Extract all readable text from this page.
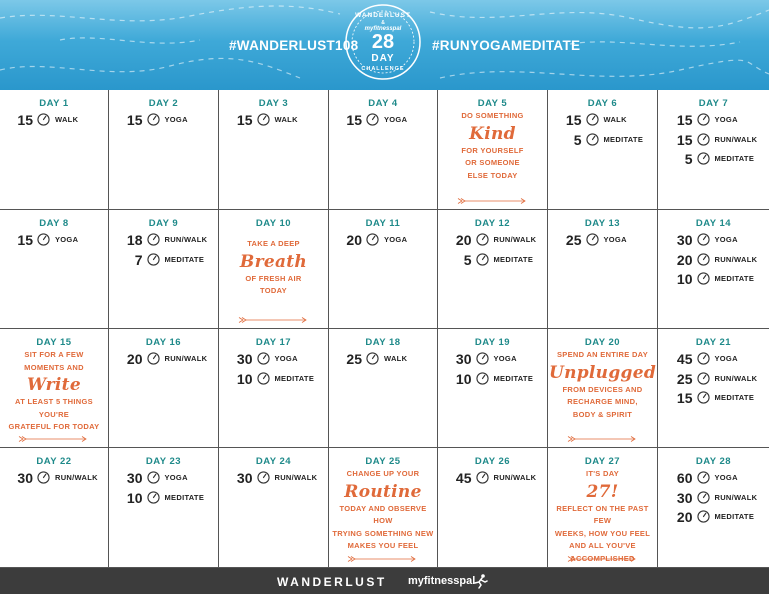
#WANDERLUST108	#RUNYOGAMEDITATE
WANDERLUST
&
myfitnesspal
28
DAY
CHALLENGE
DAY 1
15	WALK
DAY 2
15	YOGA
DAY 3
15	WALK
DAY 4
15	YOGA
DAY 5
DO SOMETHING
Kind
FOR YOURSELF
OR SOMEONE
ELSE TODAY
DAY 6
15	WALK
5	MEDITATE
DAY 7
15	YOGA
15	RUN/WALK
5	MEDITATE
DAY 8
15	YOGA
DAY 9
18	RUN/WALK
7	MEDITATE
DAY 10
TAKE A DEEP
Breath
OF FRESH AIR
TODAY
DAY 11
20	YOGA
DAY 12
20	RUN/WALK
5	MEDITATE
DAY 13
25	YOGA
DAY 14
30	YOGA
20	RUN/WALK
10	MEDITATE
DAY 15
SIT FOR A FEW
MOMENTS AND
Write
AT LEAST 5 THINGS YOU'RE
GRATEFUL FOR TODAY
DAY 16
20	RUN/WALK
DAY 17
30	YOGA
10	MEDITATE
DAY 18
25	WALK
DAY 19
30	YOGA
10	MEDITATE
DAY 20
SPEND AN ENTIRE DAY
Unplugged
FROM DEVICES AND
RECHARGE MIND,
BODY & SPIRIT
DAY 21
45	YOGA
25	RUN/WALK
15	MEDITATE
DAY 22
30	RUN/WALK
DAY 23
30	YOGA
10	MEDITATE
DAY 24
30	RUN/WALK
DAY 25
CHANGE UP YOUR
Routine
TODAY AND OBSERVE HOW
TRYING SOMETHING NEW
MAKES YOU FEEL
DAY 26
45	RUN/WALK
DAY 27
IT'S DAY
27!
REFLECT ON THE PAST FEW
WEEKS, HOW YOU FEEL
AND ALL YOU'VE
ACCOMPLISHED
DAY 28
60	YOGA
30	RUN/WALK
20	MEDITATE
WANDERLUST myfitnesspal
